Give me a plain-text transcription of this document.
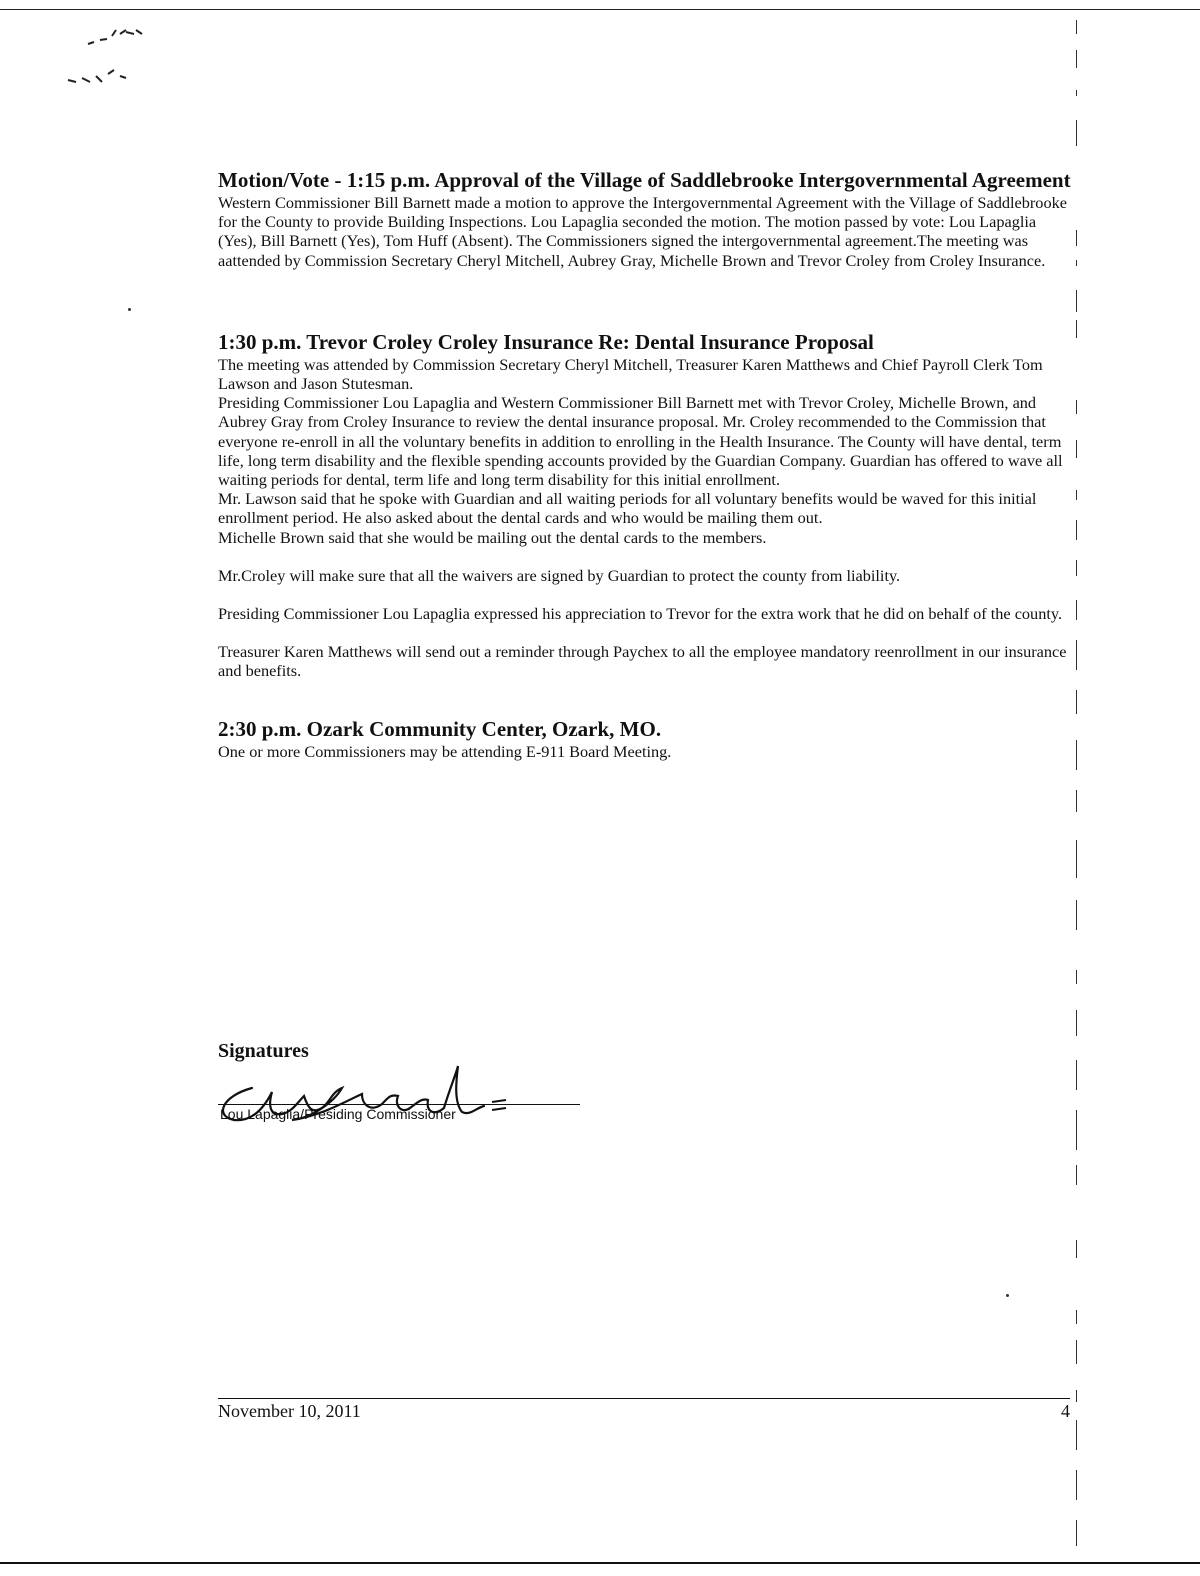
Motion/Vote - 1:15 p.m. Approval of the Village of Saddlebrooke Intergovernmental Agreement

Western Commissioner Bill Barnett made a motion to approve the Intergovernmental Agreement with the Village of Saddlebrooke for the County to provide Building Inspections. Lou Lapaglia seconded the motion. The motion passed by vote: Lou Lapaglia (Yes), Bill Barnett (Yes), Tom Huff (Absent). The Commissioners signed the intergovernmental agreement.The meeting was aattended by Commission Secretary Cheryl Mitchell, Aubrey Gray, Michelle Brown and Trevor Croley from Croley Insurance.

1:30 p.m. Trevor Croley Croley Insurance Re: Dental Insurance Proposal

The meeting was attended by Commission Secretary Cheryl Mitchell, Treasurer Karen Matthews and Chief Payroll Clerk Tom Lawson and Jason Stutesman.

Presiding Commissioner Lou Lapaglia and Western Commissioner Bill Barnett met with Trevor Croley, Michelle Brown, and Aubrey Gray from Croley Insurance to review the dental insurance proposal. Mr. Croley recommended to the Commission that everyone re-enroll in all the voluntary benefits in addition to enrolling in the Health Insurance. The County will have dental, term life, long term disability and the flexible spending accounts provided by the Guardian Company. Guardian has offered to wave all waiting periods for dental, term life and long term disability for this initial enrollment.

Mr. Lawson said that he spoke with Guardian and all waiting periods for all voluntary benefits would be waved for this initial enrollment period. He also asked about the dental cards and who would be mailing them out.

Michelle Brown said that she would be mailing out the dental cards to the members.

Mr.Croley will make sure that all the waivers are signed by Guardian to protect the county from liability.

Presiding Commissioner Lou Lapaglia expressed his appreciation to Trevor for the extra work that he did on behalf of the county.

Treasurer Karen Matthews will send out a reminder through Paychex to all the employee mandatory reenrollment in our insurance and benefits.

2:30 p.m. Ozark Community Center, Ozark, MO.

One or more Commissioners may be attending E-911 Board Meeting.

Signatures

Lou Lapaglia/Presiding Commissioner
November 10, 2011	4
